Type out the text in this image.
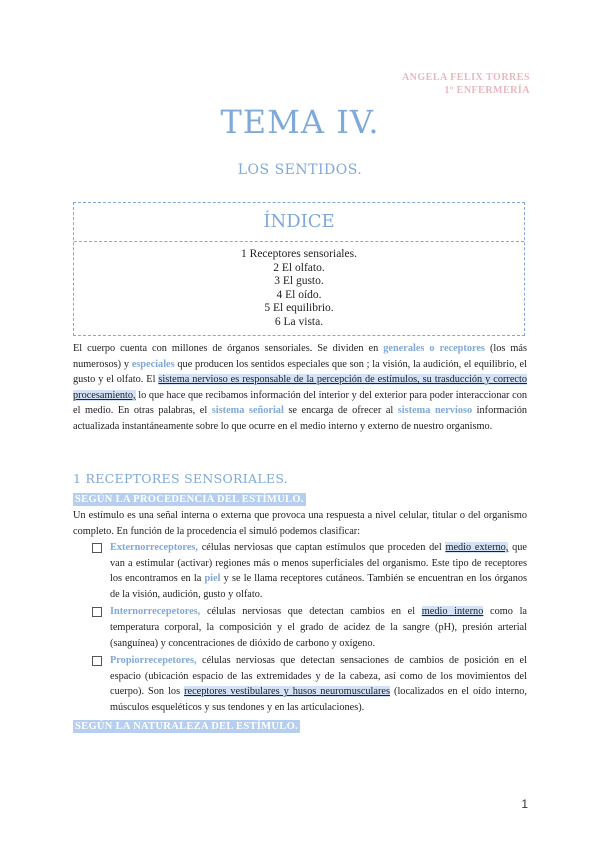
ANGELA FELIX TORRES
1º ENFERMERÍA
TEMA IV.
LOS SENTIDOS.
ÍNDICE
1 Receptores sensoriales.
2 El olfato.
3 El gusto.
4 El oído.
5 El equilibrio.
6 La vista.

El cuerpo cuenta con millones de órganos sensoriales. Se dividen en generales o receptores (los más numerosos) y especiales que producen los sentidos especiales que son ; la visión, la audición, el equilibrio, el gusto y el olfato. El sistema nervioso es responsable de la percepción de estímulos, su trasducción y correcto procesamiento, lo que hace que recibamos información del interior y del exterior para poder interaccionar con el medio. En otras palabras, el sistema señorial se encarga de ofrecer al sistema nervioso información actualizada instantáneamente sobre lo que ocurre en el medio interno y externo de nuestro organismo.

1 RECEPTORES SENSORIALES.
SEGÚN LA PROCEDENCIA DEL ESTÍMULO.

Un estímulo es una señal interna o externa que provoca una respuesta a nivel celular, titular o del organismo completo. En función de la procedencia el simuló podemos clasificar:

Externorreceptores, células nerviosas que captan estímulos que proceden del medio externo, que van a estimular (activar) regiones más o menos superficiales del organismo. Este tipo de receptores los encontramos en la piel y se le llama receptores cutáneos. También se encuentran en los órganos de la visión, audición, gusto y olfato.
Internorrecepetores, células nerviosas que detectan cambios en el medio interno como la temperatura corporal, la composición y el grado de acidez de la sangre (pH), presión arterial (sanguínea) y concentraciones de dióxido de carbono y oxígeno.
Propiorrecepetores, células nerviosas que detectan sensaciones de cambios de posición en el espacio (ubicación espacio de las extremidades y de la cabeza, así como de los movimientos del cuerpo). Son los receptores vestibulares y husos neuromusculares (localizados en el oído interno, músculos esqueléticos y sus tendones y en las articulaciones).
SEGÚN LA NATURALEZA DEL ESTÍMULO.
1
